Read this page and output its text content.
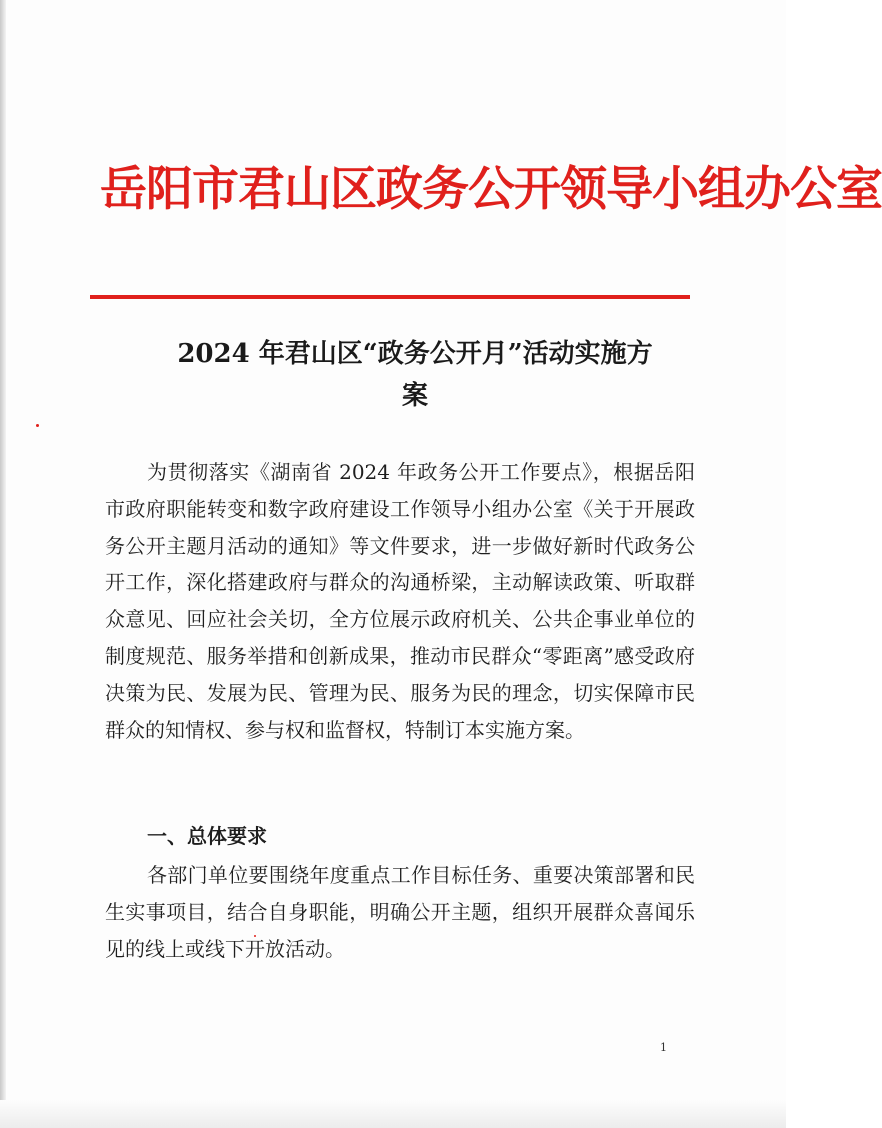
岳阳市君山区政务公开领导小组办公室
2024 年君山区“政务公开月”活动实施方
案
为贯彻落实《湖南省 2024 年政务公开工作要点》，根据岳阳市政府职能转变和数字政府建设工作领导小组办公室《关于开展政务公开主题月活动的通知》等文件要求，进一步做好新时代政务公开工作，深化搭建政府与群众的沟通桥梁，主动解读政策、听取群众意见、回应社会关切，全方位展示政府机关、公共企事业单位的制度规范、服务举措和创新成果，推动市民群众“零距离”感受政府决策为民、发展为民、管理为民、服务为民的理念，切实保障市民群众的知情权、参与权和监督权，特制订本实施方案。
一、总体要求
各部门单位要围绕年度重点工作目标任务、重要决策部署和民生实事项目，结合自身职能，明确公开主题，组织开展群众喜闻乐见的线上或线下开放活动。
1
